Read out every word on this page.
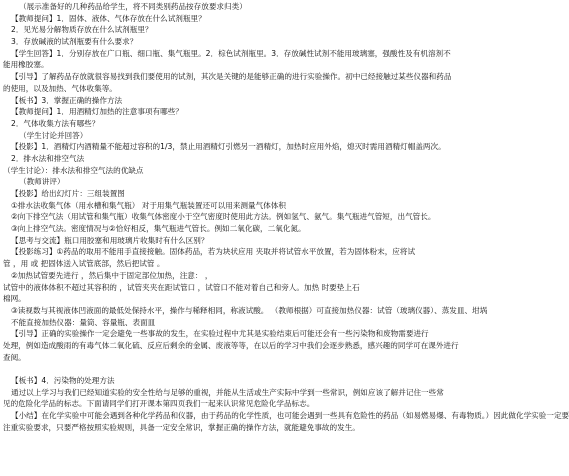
（展示准备好的几种药品给学生，将不同类别药品按存放要求归类）
【教师提问】1．固体、液体、气体存放在什么试剂瓶里？
2．见光易分解物质存放在什么试剂瓶里？
3．存放碱液的试剂瓶要有什么要求？
【学生回答】1．分别存放在广口瓶、细口瓶、集气瓶里。2．棕色试剂瓶里。3．存放碱性试剂不能用玻璃塞，强酸性及有机溶剂不
能用橡胶塞。
【引导】了解药品存放就很容易找到我们要使用的试剂，其次是关键的是能够正确的进行实验操作。初中已经接触过某些仪器和药品
的使用，以及加热、气体收集等。
【板书】3．掌握正确的操作方法
【教师提问】1．用酒精灯加热的注意事项有哪些？
2．气体收集方法有哪些？
（学生讨论并回答）
【投影】1．酒精灯内酒精量不能超过容积的1/3，禁止用酒精灯引燃另一酒精灯，加热时应用外焰，熄灭时需用酒精灯帽盖两次。
2．排水法和排空气法
（学生讨论）：排水法和排空气法的优缺点
（教师讲评）
【投影】给出幻灯片：三组装置图
①排水法收集气体（用水槽和集气瓶） 对于用集气瓶装置还可以用来测量气体体积
②向下排空气法（用试管和集气瓶）收集气体密度小于空气密度时使用此方法。例如氢气、氨气。集气瓶进气管短，出气管长。
③向上排空气法。密度情况与②恰好相反，集气瓶进气管长。例如二氧化碳，二氧化氮。
【思考与交流】瓶口用胶塞和用玻璃片收集时有什么区别？
【投影练习】①药品的取用不能用手直接接触。固体药品，若为块状应用 夹取并将试管水平放置，若为固体粉末，应将试
管 ，用 或 把固体送入试管底部，然后把试管 。
②加热试管要先进行 ，然后集中于固定部位加热，注意： ，
试管中的液体体积不超过其容积的 ，试管夹夹在距试管口 ，试管口不能对着自己和旁人。加热 时要垫上石
棉网。
③读视数与其视液体凹液面的最低处保持水平，操作与稀释相同，称液试酸。 （教师根据）可直接加热仪器：试管（玻璃仪器）、蒸发皿、坩埚
不能直接加热仪器：量筒、容量瓶、表面皿
【引导】正确的实验操作一定会避免一些事故的发生，在实验过程中尤其是实验结束后可能还会有一些污染物和废物需要进行
处理，例如造成酸雨的有毒气体二氧化硫、反应后剩余的金属、废液等等，在以后的学习中我们会逐步熟悉，感兴趣的同学可在课外进行
查阅。
【板书】4．污染物的处理方法
通过以上学习与我们已经知道实验的安全性给与足够的重视，并能从生活或生产实际中学到一些常识，例如应该了解并记住一些常
见的危险化学品的标志。下面请同学们打开课本第四页我们一起来认识常见危险化学品标志。
【小结】在化学实验中可能会遇到各种化学药品和仪器，由于药品的化学性质，也可能会遇到一些具有危险性的药品（如易燃易爆、有毒物质。）因此做化学实验一定要
注重实验要求，只要严格按照实验规则，具备一定安全常识，掌握正确的操作方法，就能避免事故的发生。
